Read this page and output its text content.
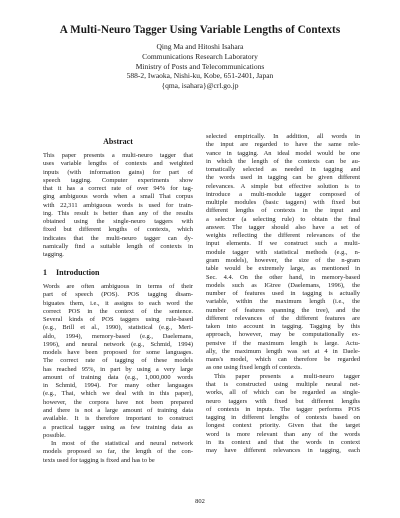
A Multi-Neuro Tagger Using Variable Lengths of Contexts
Qing Ma and Hitoshi Isahara
Communications Research Laboratory
Ministry of Posts and Telecommunications
588-2, Iwaoka, Nishi-ku, Kobe, 651-2401, Japan
{qma, isahara}@crl.go.jp
Abstract
This paper presents a multi-neuro tagger that
uses variable lengths of contexts and weighted
inputs (with information gains) for part of
speech tagging. Computer experiments show
that it has a correct rate of over 94% for tag-
ging ambiguous words when a small Thai corpus
with 22,311 ambiguous words is used for train-
ing. This result is better than any of the results
obtained using the single-neuro taggers with
fixed but different lengths of contexts, which
indicates that the multi-neuro tagger can dy-
namically find a suitable length of contexts in
tagging.
1 Introduction
Words are often ambiguous in terms of their
part of speech (POS). POS tagging disam-
biguates them, i.e., it assigns to each word the
correct POS in the context of the sentence.
Several kinds of POS taggers using rule-based
(e.g., Brill et al., 1990), statistical (e.g., Meri-
aldo, 1994), memory-based (e.g., Daelemans,
1996), and neural network (e.g., Schmid, 1994)
models have been proposed for some languages.
The correct rate of tagging of these models
has reached 95%, in part by using a very large
amount of training data (e.g., 1,000,000 words
in Schmid, 1994). For many other languages
(e.g., Thai, which we deal with in this paper),
however, the corpora have not been prepared
and there is not a large amount of training data
available. It is therefore important to construct
a practical tagger using as few training data as
possible.
In most of the statistical and neural network
models proposed so far, the length of the con-
texts used for tagging is fixed and has to be
selected empirically. In addition, all words in
the input are regarded to have the same rele-
vance in tagging. An ideal model would be one
in which the length of the contexts can be au-
tomatically selected as needed in tagging and
the words used in tagging can be given different
relevances. A simple but effective solution is to
introduce a multi-module tagger composed of
multiple modules (basic taggers) with fixed but
different lengths of contexts in the input and
a selector (a selecting rule) to obtain the final
answer. The tagger should also have a set of
weights reflecting the different relevances of the
input elements. If we construct such a multi-
module tagger with statistical methods (e.g., n-
gram models), however, the size of the n-gram
table would be extremely large, as mentioned in
Sec. 4.4. On the other hand, in memory-based
models such as IGtree (Daelemans, 1996), the
number of features used in tagging is actually
variable, within the maximum length (i.e., the
number of features spanning the tree), and the
different relevances of the different features are
taken into account in tagging. Tagging by this
approach, however, may be computationally ex-
pensive if the maximum length is large. Actu-
ally, the maximum length was set at 4 in Daele-
mans's model, which can therefore be regarded
as one using fixed length of contexts.
This paper presents a multi-neuro tagger
that is constructed using multiple neural net-
works, all of which can be regarded as single-
neuro taggers with fixed but different lengths
of contexts in inputs. The tagger performs POS
tagging in different lengths of contexts based on
longest context priority. Given that the target
word is more relevant than any of the words
in its context and that the words in context
may have different relevances in tagging, each
802
